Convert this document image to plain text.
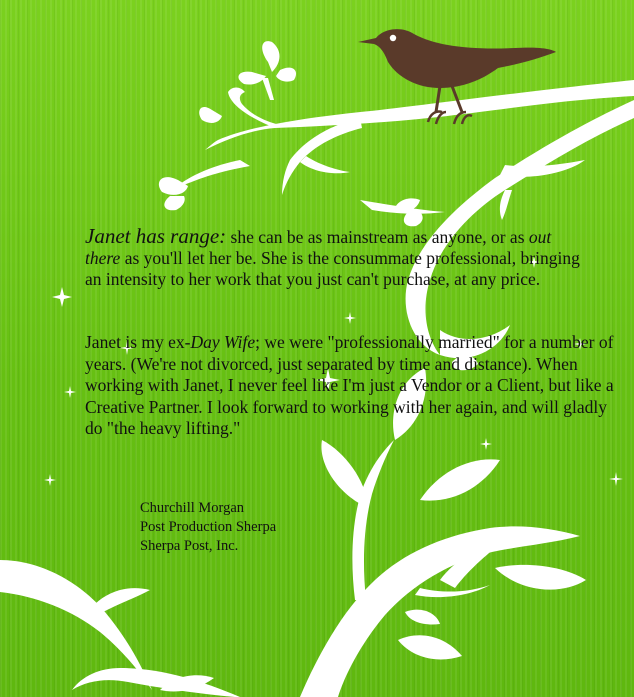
Janet has range: she can be as mainstream as anyone, or as out there as you'll let her be. She is the consummate professional, bringing an intensity to her work that you just can't purchase, at any price.
Janet is my ex-Day Wife; we were "professionally married" for a number of years. (We're not divorced, just separated by time and distance). When working with Janet, I never feel like I'm just a Vendor or a Client, but like a Creative Partner. I look forward to working with her again, and will gladly do "the heavy lifting."
Churchill Morgan
Post Production Sherpa
Sherpa Post, Inc.
